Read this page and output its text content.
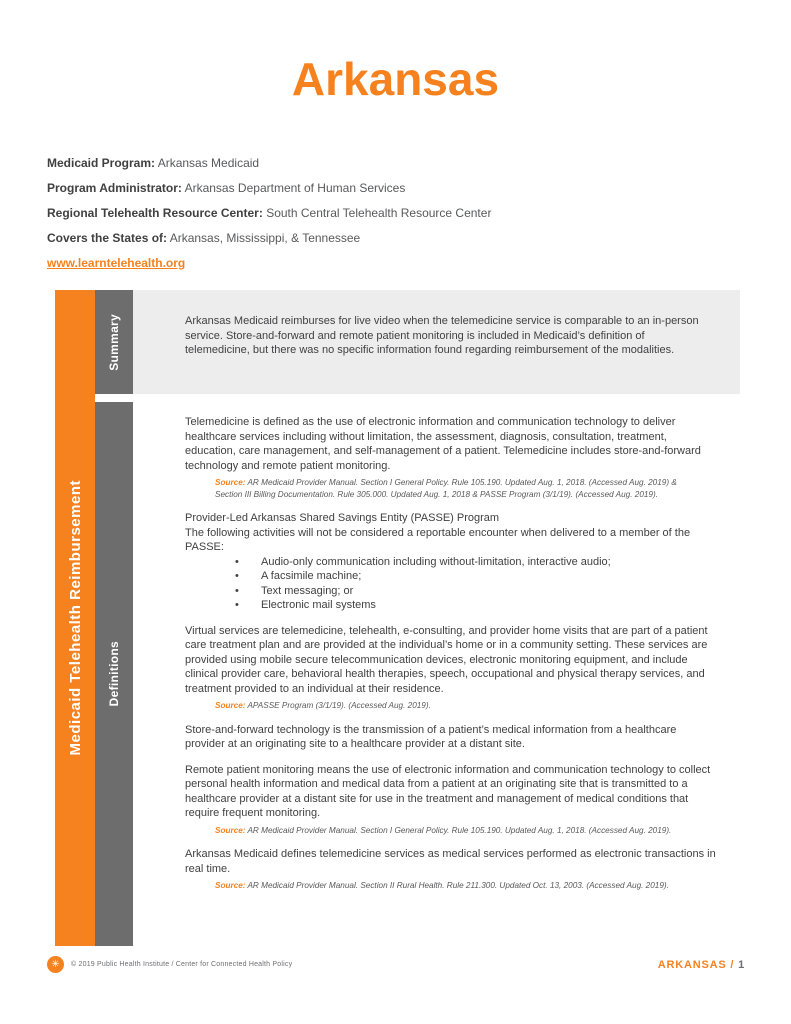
Arkansas

Medicaid Program: Arkansas Medicaid

Program Administrator: Arkansas Department of Human Services

Regional Telehealth Resource Center: South Central Telehealth Resource Center

Covers the States of: Arkansas, Mississippi, & Tennessee

www.learntelehealth.org

Medicaid Telehealth Reimbursement
Summary	Arkansas Medicaid reimburses for live video when the telemedicine service is comparable to an in-person service. Store-and-forward and remote patient monitoring is included in Medicaid’s definition of telemedicine, but there was no specific information found regarding reimbursement of the modalities.

Definitions

Telemedicine is defined as the use of electronic information and communication technology to deliver healthcare services including without limitation, the assessment, diagnosis, consultation, treatment, education, care management, and self-management of a patient. Telemedicine includes store-and-forward technology and remote patient monitoring.

Source: AR Medicaid Provider Manual. Section I General Policy. Rule 105.190. Updated Aug. 1, 2018. (Accessed Aug. 2019) & Section III Billing Documentation. Rule 305.000. Updated Aug. 1, 2018 & PASSE Program (3/1/19). (Accessed Aug. 2019).

Provider-Led Arkansas Shared Savings Entity (PASSE) Program

The following activities will not be considered a reportable encounter when delivered to a member of the PASSE:

• Audio-only communication including without-limitation, interactive audio;
• A facsimile machine;
• Text messaging; or
• Electronic mail systems

Virtual services are telemedicine, telehealth, e-consulting, and provider home visits that are part of a patient care treatment plan and are provided at the individual’s home or in a community setting. These services are provided using mobile secure telecommunication devices, electronic monitoring equipment, and include clinical provider care, behavioral health therapies, speech, occupational and physical therapy services, and treatment provided to an individual at their residence.

Source: APASSE Program (3/1/19). (Accessed Aug. 2019).

Store-and-forward technology is the transmission of a patient’s medical information from a healthcare provider at an originating site to a healthcare provider at a distant site.

Remote patient monitoring means the use of electronic information and communication technology to collect personal health information and medical data from a patient at an originating site that is transmitted to a healthcare provider at a distant site for use in the treatment and management of medical conditions that require frequent monitoring.

Source: AR Medicaid Provider Manual. Section I General Policy. Rule 105.190. Updated Aug. 1, 2018. (Accessed Aug. 2019).

Arkansas Medicaid defines telemedicine services as medical services performed as electronic transactions in real time.

Source: AR Medicaid Provider Manual. Section II Rural Health. Rule 211.300. Updated Oct. 13, 2003. (Accessed Aug. 2019).

✳	© 2019 Public Health Institute / Center for Connected Health Policy	ARKANSAS / 1
